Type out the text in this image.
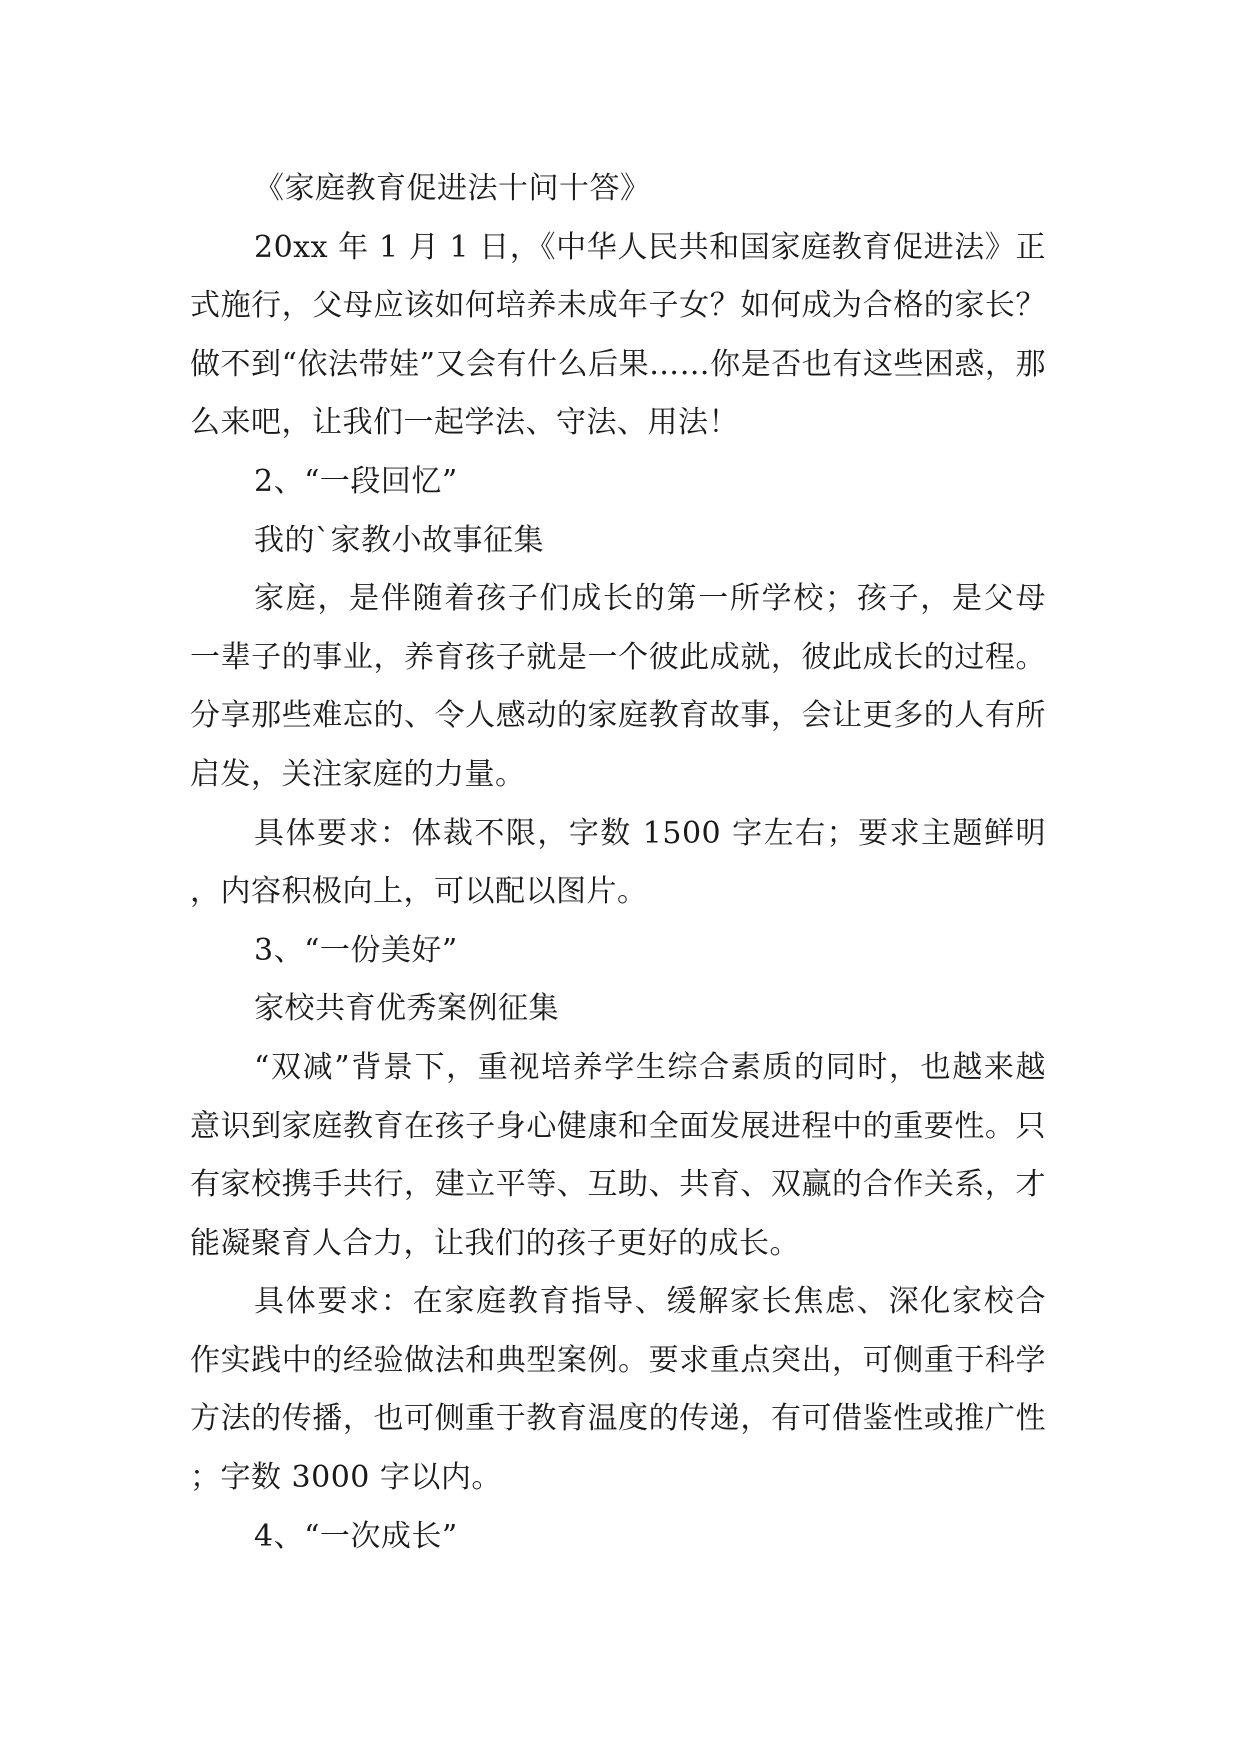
《家庭教育促进法十问十答》

20xx 年 1 月 1 日，《中华人民共和国家庭教育促进法》正式施行，父母应该如何培养未成年子女？如何成为合格的家长？做不到“依法带娃”又会有什么后果……你是否也有这些困惑，那么来吧，让我们一起学法、守法、用法！

2、“一段回忆”

我的`家教小故事征集

家庭，是伴随着孩子们成长的第一所学校；孩子，是父母一辈子的事业，养育孩子就是一个彼此成就，彼此成长的过程。分享那些难忘的、令人感动的家庭教育故事，会让更多的人有所启发，关注家庭的力量。

具体要求：体裁不限，字数 1500 字左右；要求主题鲜明，内容积极向上，可以配以图片。

3、“一份美好”

家校共育优秀案例征集

“双减”背景下，重视培养学生综合素质的同时，也越来越意识到家庭教育在孩子身心健康和全面发展进程中的重要性。只有家校携手共行，建立平等、互助、共育、双赢的合作关系，才能凝聚育人合力，让我们的孩子更好的成长。

具体要求：在家庭教育指导、缓解家长焦虑、深化家校合作实践中的经验做法和典型案例。要求重点突出，可侧重于科学方法的传播，也可侧重于教育温度的传递，有可借鉴性或推广性；字数 3000 字以内。

4、“一次成长”
